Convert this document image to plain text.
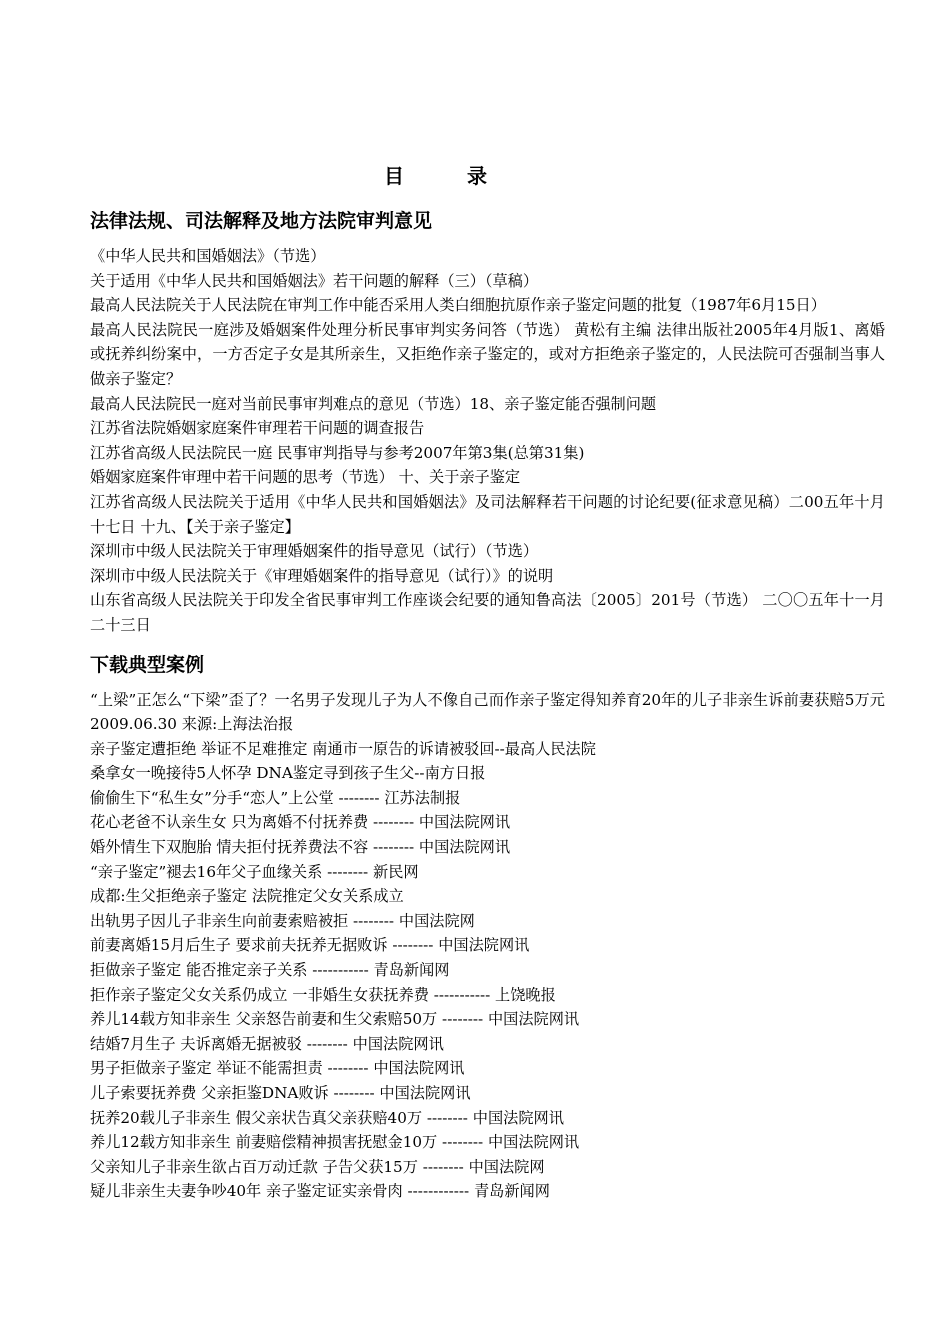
目 录
法律法规、司法解释及地方法院审判意见
《中华人民共和国婚姻法》（节选）
关于适用《中华人民共和国婚姻法》若干问题的解释（三）（草稿）
最高人民法院关于人民法院在审判工作中能否采用人类白细胞抗原作亲子鉴定问题的批复（1987年6月15日）
最高人民法院民一庭涉及婚姻案件处理分析民事审判实务问答（节选） 黄松有主编 法律出版社2005年4月版1、离婚或抚养纠纷案中，一方否定子女是其所亲生，又拒绝作亲子鉴定的，或对方拒绝亲子鉴定的，人民法院可否强制当事人做亲子鉴定？
最高人民法院民一庭对当前民事审判难点的意见（节选）18、亲子鉴定能否强制问题
江苏省法院婚姻家庭案件审理若干问题的调查报告
江苏省高级人民法院民一庭 民事审判指导与参考2007年第3集(总第31集)
婚姻家庭案件审理中若干问题的思考（节选） 十、关于亲子鉴定
江苏省高级人民法院关于适用《中华人民共和国婚姻法》及司法解释若干问题的讨论纪要(征求意见稿）二00五年十月十七日 十九、【关于亲子鉴定】
深圳市中级人民法院关于审理婚姻案件的指导意见（试行）（节选）
深圳市中级人民法院关于《审理婚姻案件的指导意见（试行）》的说明
山东省高级人民法院关于印发全省民事审判工作座谈会纪要的通知鲁高法〔2005〕201号（节选） 二〇〇五年十一月二十三日
下载典型案例
“上梁”正怎么“下梁”歪了？一名男子发现儿子为人不像自己而作亲子鉴定得知养育20年的儿子非亲生诉前妻获赔5万元 2009.06.30 来源:上海法治报
亲子鉴定遭拒绝 举证不足难推定 南通市一原告的诉请被驳回--最高人民法院
桑拿女一晚接待5人怀孕 DNA鉴定寻到孩子生父--南方日报
偷偷生下“私生女”分手“恋人”上公堂 -------- 江苏法制报
花心老爸不认亲生女 只为离婚不付抚养费 -------- 中国法院网讯
婚外情生下双胞胎 情夫拒付抚养费法不容 -------- 中国法院网讯
“亲子鉴定”褪去16年父子血缘关系 -------- 新民网
成都:生父拒绝亲子鉴定 法院推定父女关系成立
出轨男子因儿子非亲生向前妻索赔被拒 -------- 中国法院网
前妻离婚15月后生子 要求前夫抚养无据败诉 -------- 中国法院网讯
拒做亲子鉴定 能否推定亲子关系 ----------- 青岛新闻网
拒作亲子鉴定父女关系仍成立 一非婚生女获抚养费 ----------- 上饶晚报
养儿14载方知非亲生 父亲怒告前妻和生父索赔50万 -------- 中国法院网讯
结婚7月生子 夫诉离婚无据被驳 -------- 中国法院网讯
男子拒做亲子鉴定 举证不能需担责 -------- 中国法院网讯
儿子索要抚养费 父亲拒鉴DNA败诉 -------- 中国法院网讯
抚养20载儿子非亲生 假父亲状告真父亲获赔40万 -------- 中国法院网讯
养儿12载方知非亲生 前妻赔偿精神损害抚慰金10万 -------- 中国法院网讯
父亲知儿子非亲生欲占百万动迁款 子告父获15万 -------- 中国法院网
疑儿非亲生夫妻争吵40年 亲子鉴定证实亲骨肉 ------------ 青岛新闻网
